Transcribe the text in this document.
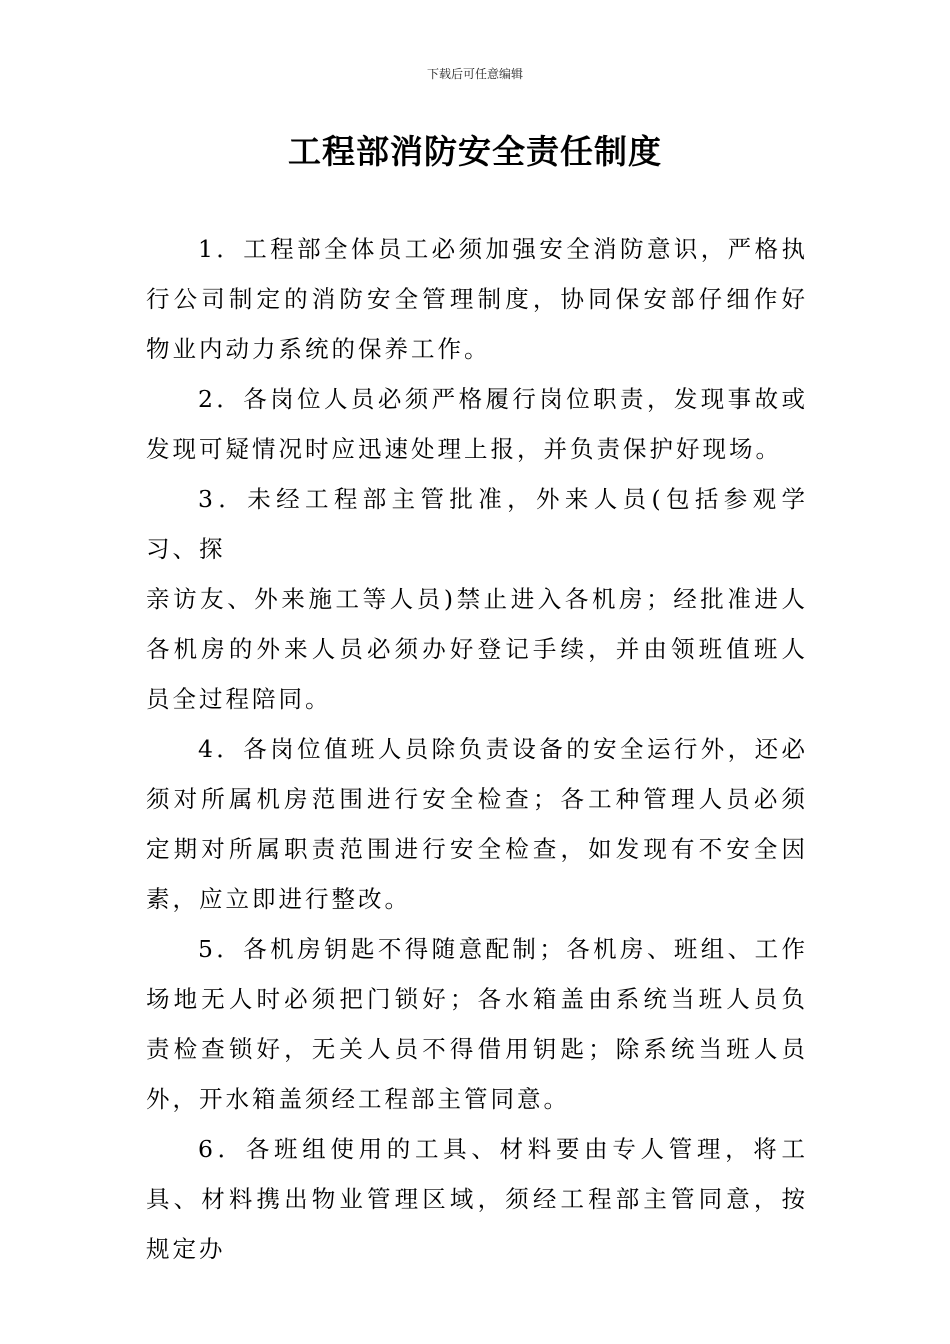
下载后可任意编辑
工程部消防安全责任制度

1．工程部全体员工必须加强安全消防意识，严格执行公司制定的消防安全管理制度，协同保安部仔细作好物业内动力系统的保养工作。

2．各岗位人员必须严格履行岗位职责，发现事故或发现可疑情况时应迅速处理上报，并负责保护好现场。

3．未经工程部主管批准，外来人员(包括参观学习、探

亲访友、外来施工等人员)禁止进入各机房；经批准进人各机房的外来人员必须办好登记手续，并由领班值班人员全过程陪同。

4．各岗位值班人员除负责设备的安全运行外，还必须对所属机房范围进行安全检查；各工种管理人员必须定期对所属职责范围进行安全检查，如发现有不安全因素，应立即进行整改。

5．各机房钥匙不得随意配制；各机房、班组、工作场地无人时必须把门锁好；各水箱盖由系统当班人员负责检查锁好，无关人员不得借用钥匙；除系统当班人员外，开水箱盖须经工程部主管同意。

6．各班组使用的工具、材料要由专人管理，将工具、材料携出物业管理区域，须经工程部主管同意，按规定办
